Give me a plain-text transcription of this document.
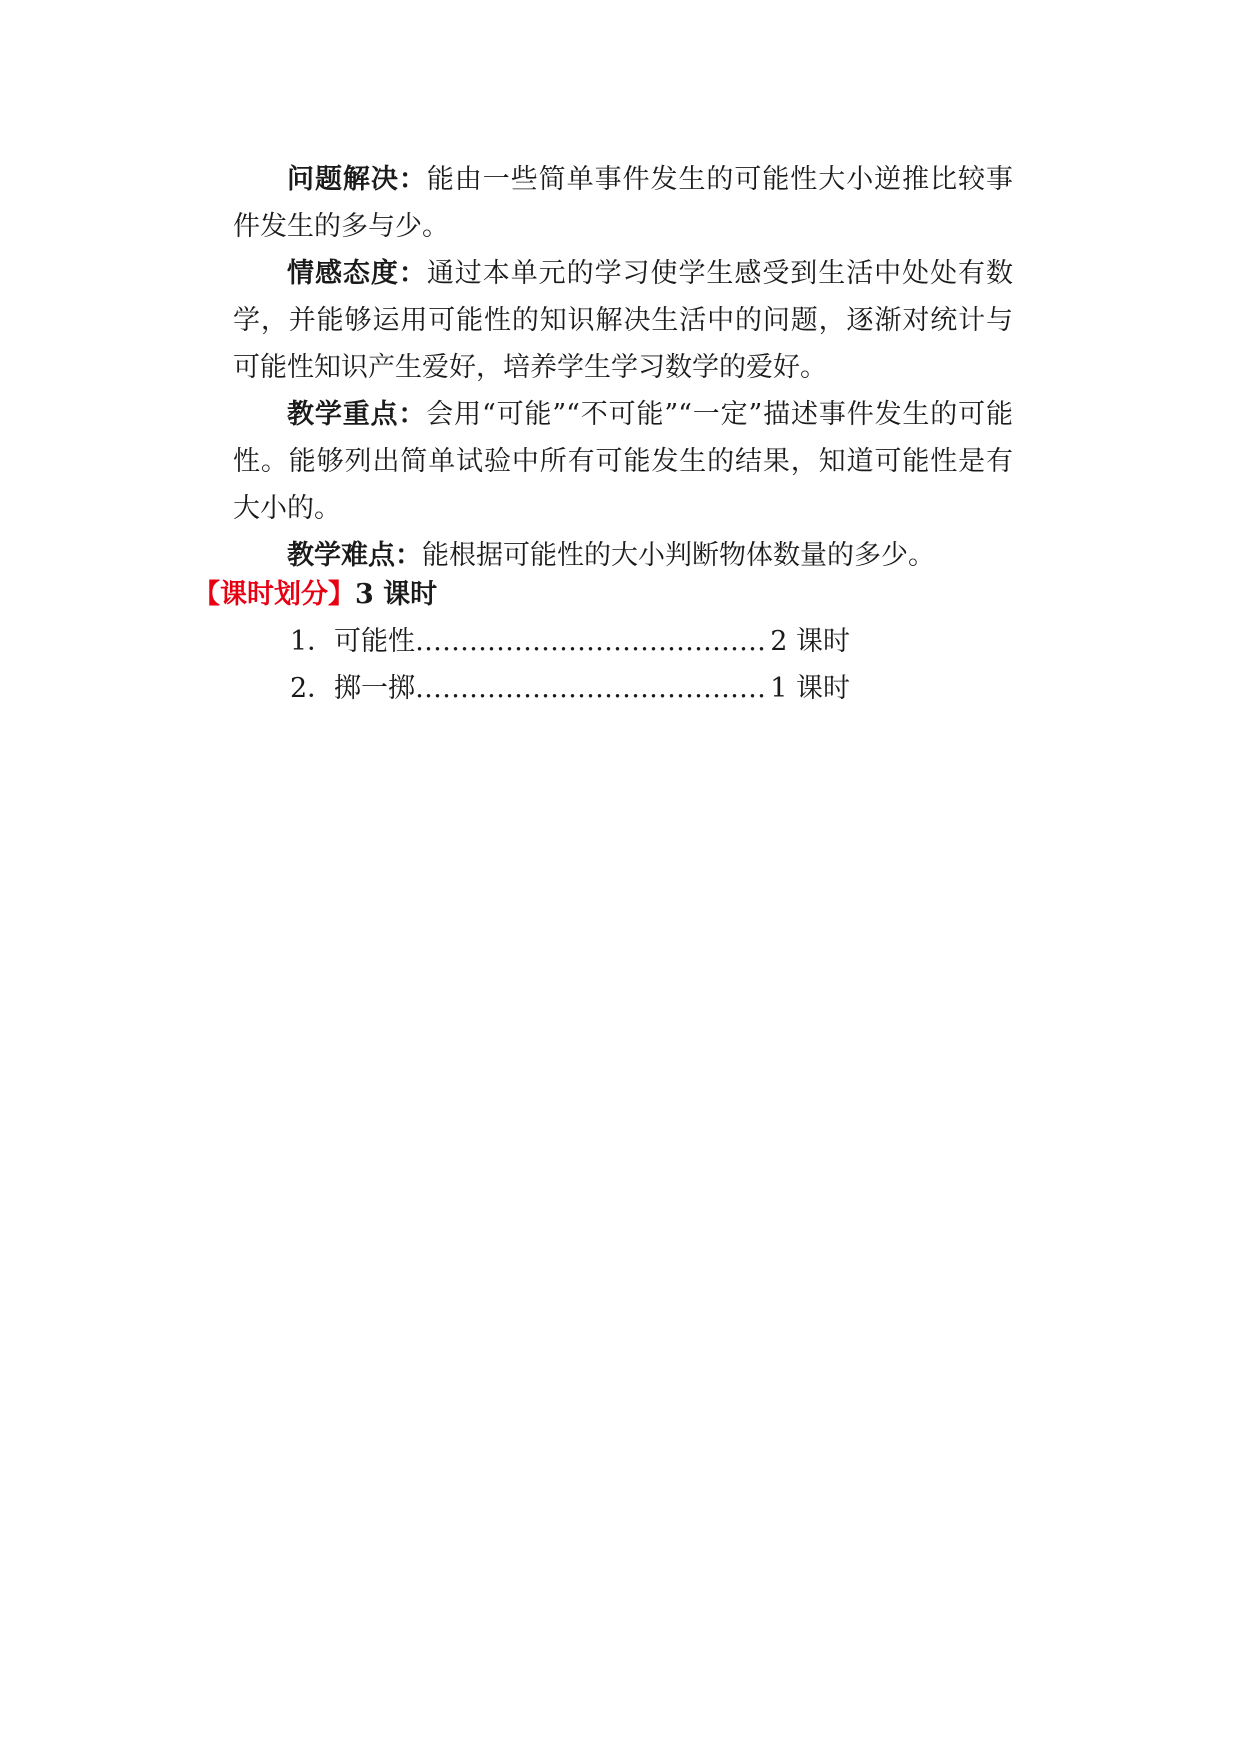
问题解决：能由一些简单事件发生的可能性大小逆推比较事件发生的多与少。

情感态度：通过本单元的学习使学生感受到生活中处处有数学，并能够运用可能性的知识解决生活中的问题，逐渐对统计与可能性知识产生爱好，培养学生学习数学的爱好。

教学重点：会用“可能”“不可能”“一定”描述事件发生的可能性。能够列出简单试验中所有可能发生的结果，知道可能性是有大小的。

教学难点：能根据可能性的大小判断物体数量的多少。

【课时划分】3 课时
1． 可能性 ………………………………… 2 课时
2． 掷一掷 ………………………………… 1 课时
